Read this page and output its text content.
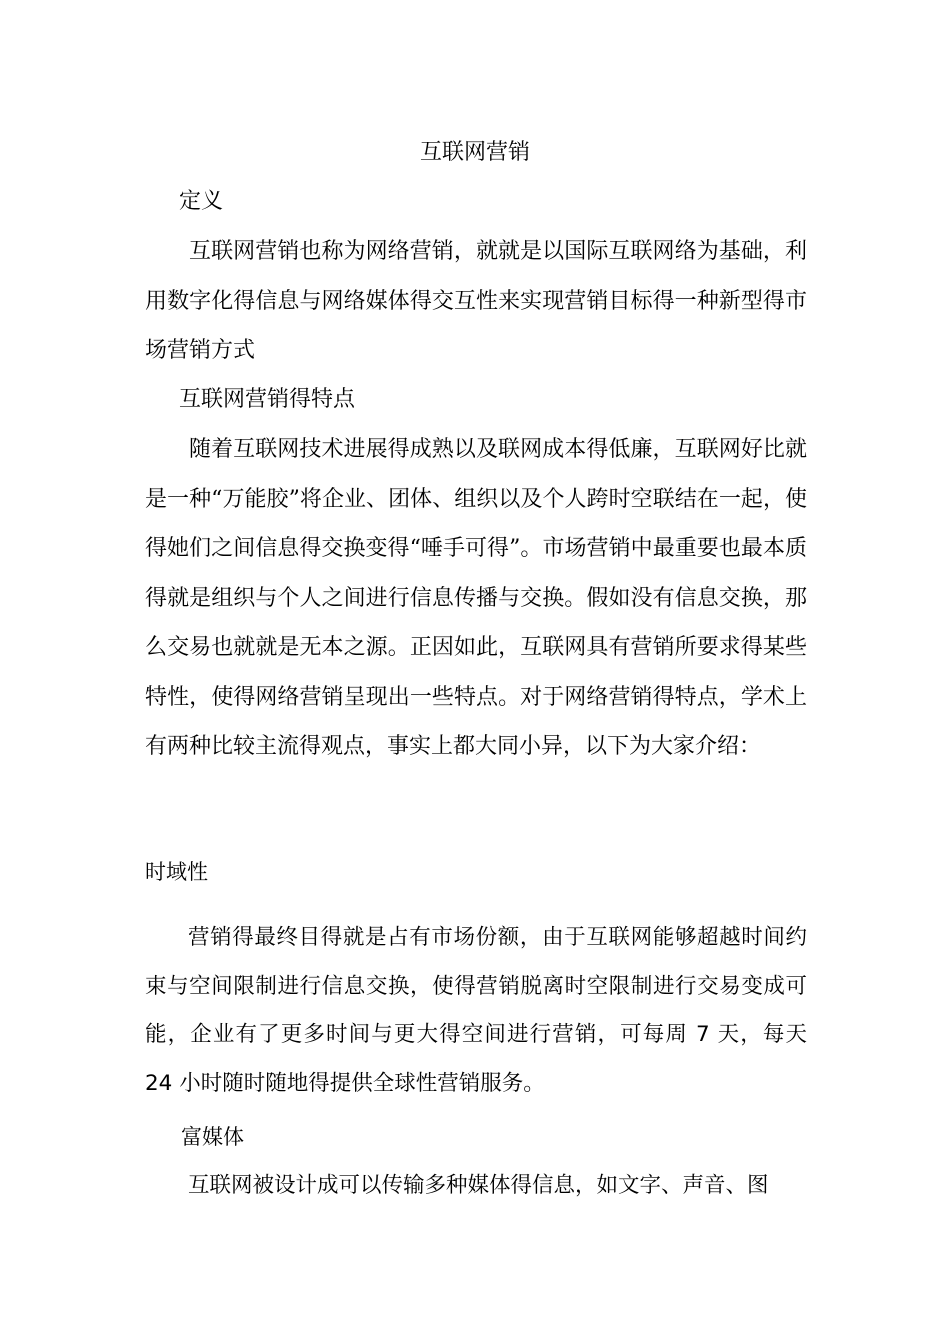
互联网营销
定义

互联网营销也称为网络营销，就就是以国际互联网络为基础，利用数字化得信息与网络媒体得交互性来实现营销目标得一种新型得市场营销方式

互联网营销得特点

随着互联网技术进展得成熟以及联网成本得低廉，互联网好比就是一种“万能胶”将企业、团体、组织以及个人跨时空联结在一起，使得她们之间信息得交换变得“唾手可得”。市场营销中最重要也最本质得就是组织与个人之间进行信息传播与交换。假如没有信息交换，那么交易也就就是无本之源。正因如此，互联网具有营销所要求得某些特性，使得网络营销呈现出一些特点。对于网络营销得特点，学术上有两种比较主流得观点，事实上都大同小异，以下为大家介绍：

时域性

营销得最终目得就是占有市场份额，由于互联网能够超越时间约束与空间限制进行信息交换，使得营销脱离时空限制进行交易变成可能，企业有了更多时间与更大得空间进行营销，可每周 7 天，每天 24 小时随时随地得提供全球性营销服务。

富媒体

互联网被设计成可以传输多种媒体得信息，如文字、声音、图
